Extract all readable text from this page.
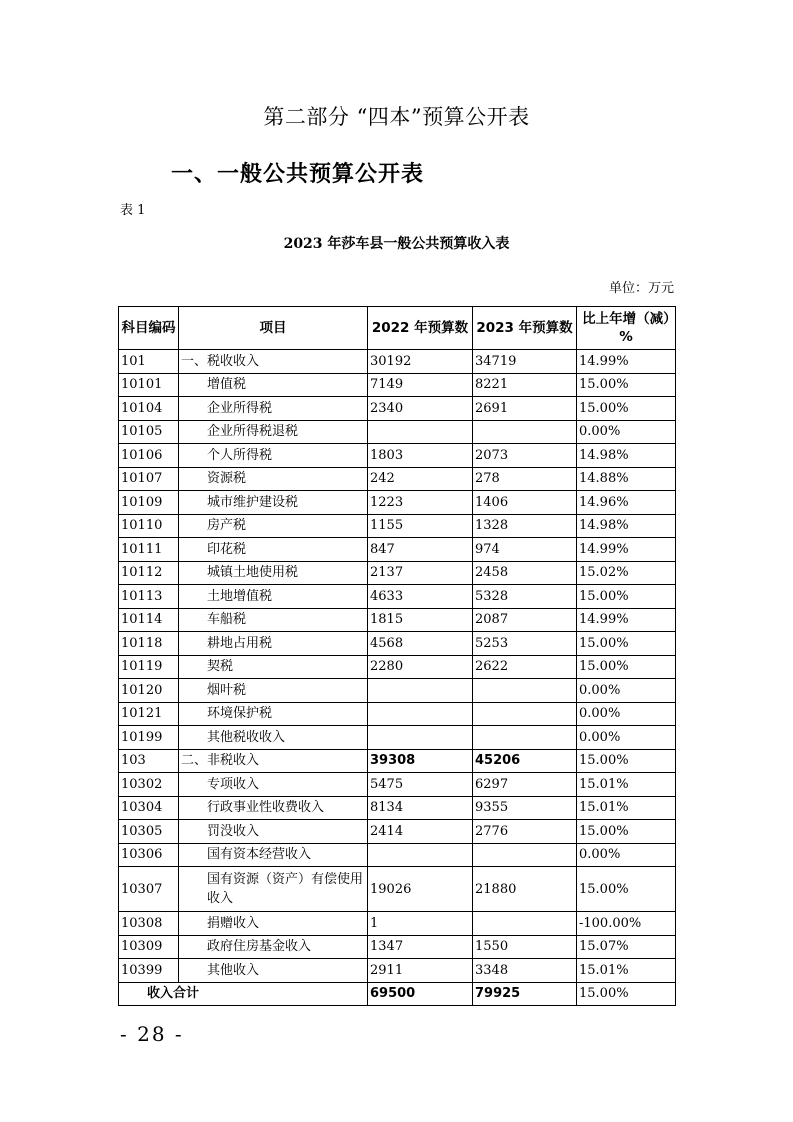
第二部分 “四本”预算公开表
一、一般公共预算公开表
表 1
2023 年莎车县一般公共预算收入表
单位：万元
科目编码	项目	2022 年预算数	2023 年预算数	比上年增（减）%
101	一、税收收入	30192	34719	14.99%
10101	增值税	7149	8221	15.00%
10104	企业所得税	2340	2691	15.00%
10105	企业所得税退税			0.00%
10106	个人所得税	1803	2073	14.98%
10107	资源税	242	278	14.88%
10109	城市维护建设税	1223	1406	14.96%
10110	房产税	1155	1328	14.98%
10111	印花税	847	974	14.99%
10112	城镇土地使用税	2137	2458	15.02%
10113	土地增值税	4633	5328	15.00%
10114	车船税	1815	2087	14.99%
10118	耕地占用税	4568	5253	15.00%
10119	契税	2280	2622	15.00%
10120	烟叶税			0.00%
10121	环境保护税			0.00%
10199	其他税收收入			0.00%
103	二、非税收入	39308	45206	15.00%
10302	专项收入	5475	6297	15.01%
10304	行政事业性收费收入	8134	9355	15.01%
10305	罚没收入	2414	2776	15.00%
10306	国有资本经营收入			0.00%
10307	国有资源（资产）有偿使用收入	19026	21880	15.00%
10308	捐赠收入	1		-100.00%
10309	政府住房基金收入	1347	1550	15.07%
10399	其他收入	2911	3348	15.01%
收入合计		69500	79925	15.00%
- 28 -
